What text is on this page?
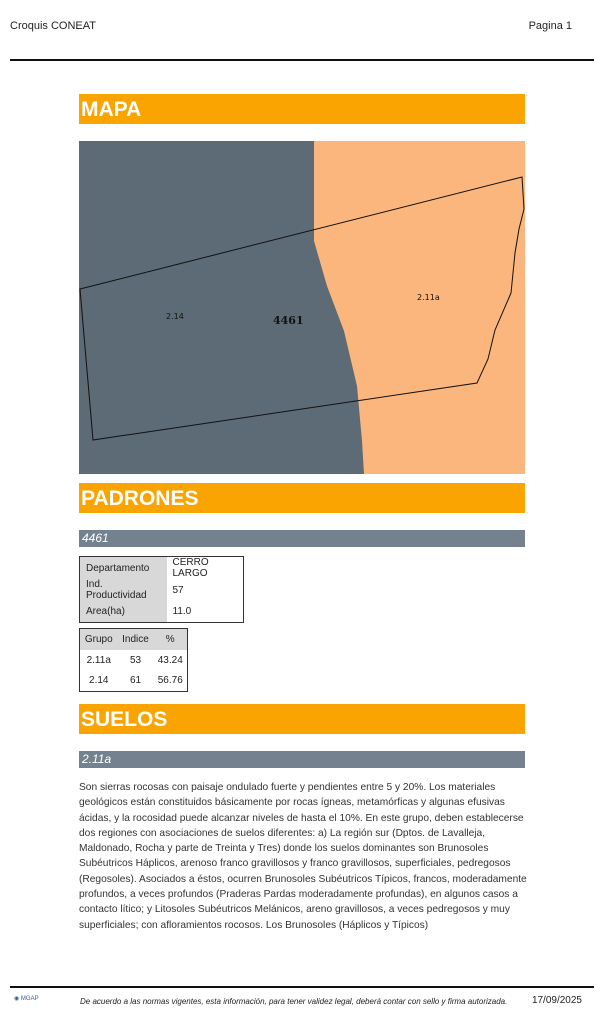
Croquis CONEAT	Pagina 1
MAPA
2.14	4461
2.11a
PADRONES
4461
Departamento	CERRO LARGO
Ind. Productividad	57
Area(ha)	11.0
Grupo	Indice	%
2.11a	53	43.24
2.14	61	56.76
SUELOS
2.11a
Son sierras rocosas con paisaje ondulado fuerte y pendientes entre 5 y 20%. Los materiales geológicos están constituidos básicamente por rocas ígneas, metamórficas y algunas efusivas ácidas, y la rocosidad puede alcanzar niveles de hasta el 10%. En este grupo, deben establecerse dos regiones con asociaciones de suelos diferentes: a) La región sur (Dptos. de Lavalleja, Maldonado, Rocha y parte de Treinta y Tres) donde los suelos dominantes son Brunosoles Subéutricos Háplicos, arenoso franco gravillosos y franco gravillosos, superficiales, pedregosos (Regosoles). Asociados a éstos, ocurren Brunosoles Subéutricos Típicos, francos, moderadamente profundos, a veces profundos (Praderas Pardas moderadamente profundas), en algunos casos a contacto lítico; y Litosoles Subéutricos Melánicos, areno gravillosos, a veces pedregosos y muy superficiales; con afloramientos rocosos. Los Brunosoles (Háplicos y Típicos)
◉ MGAP	De acuerdo a las normas vigentes, esta información, para tener validez legal, deberá contar con sello y firma autorizada. 17/09/2025
